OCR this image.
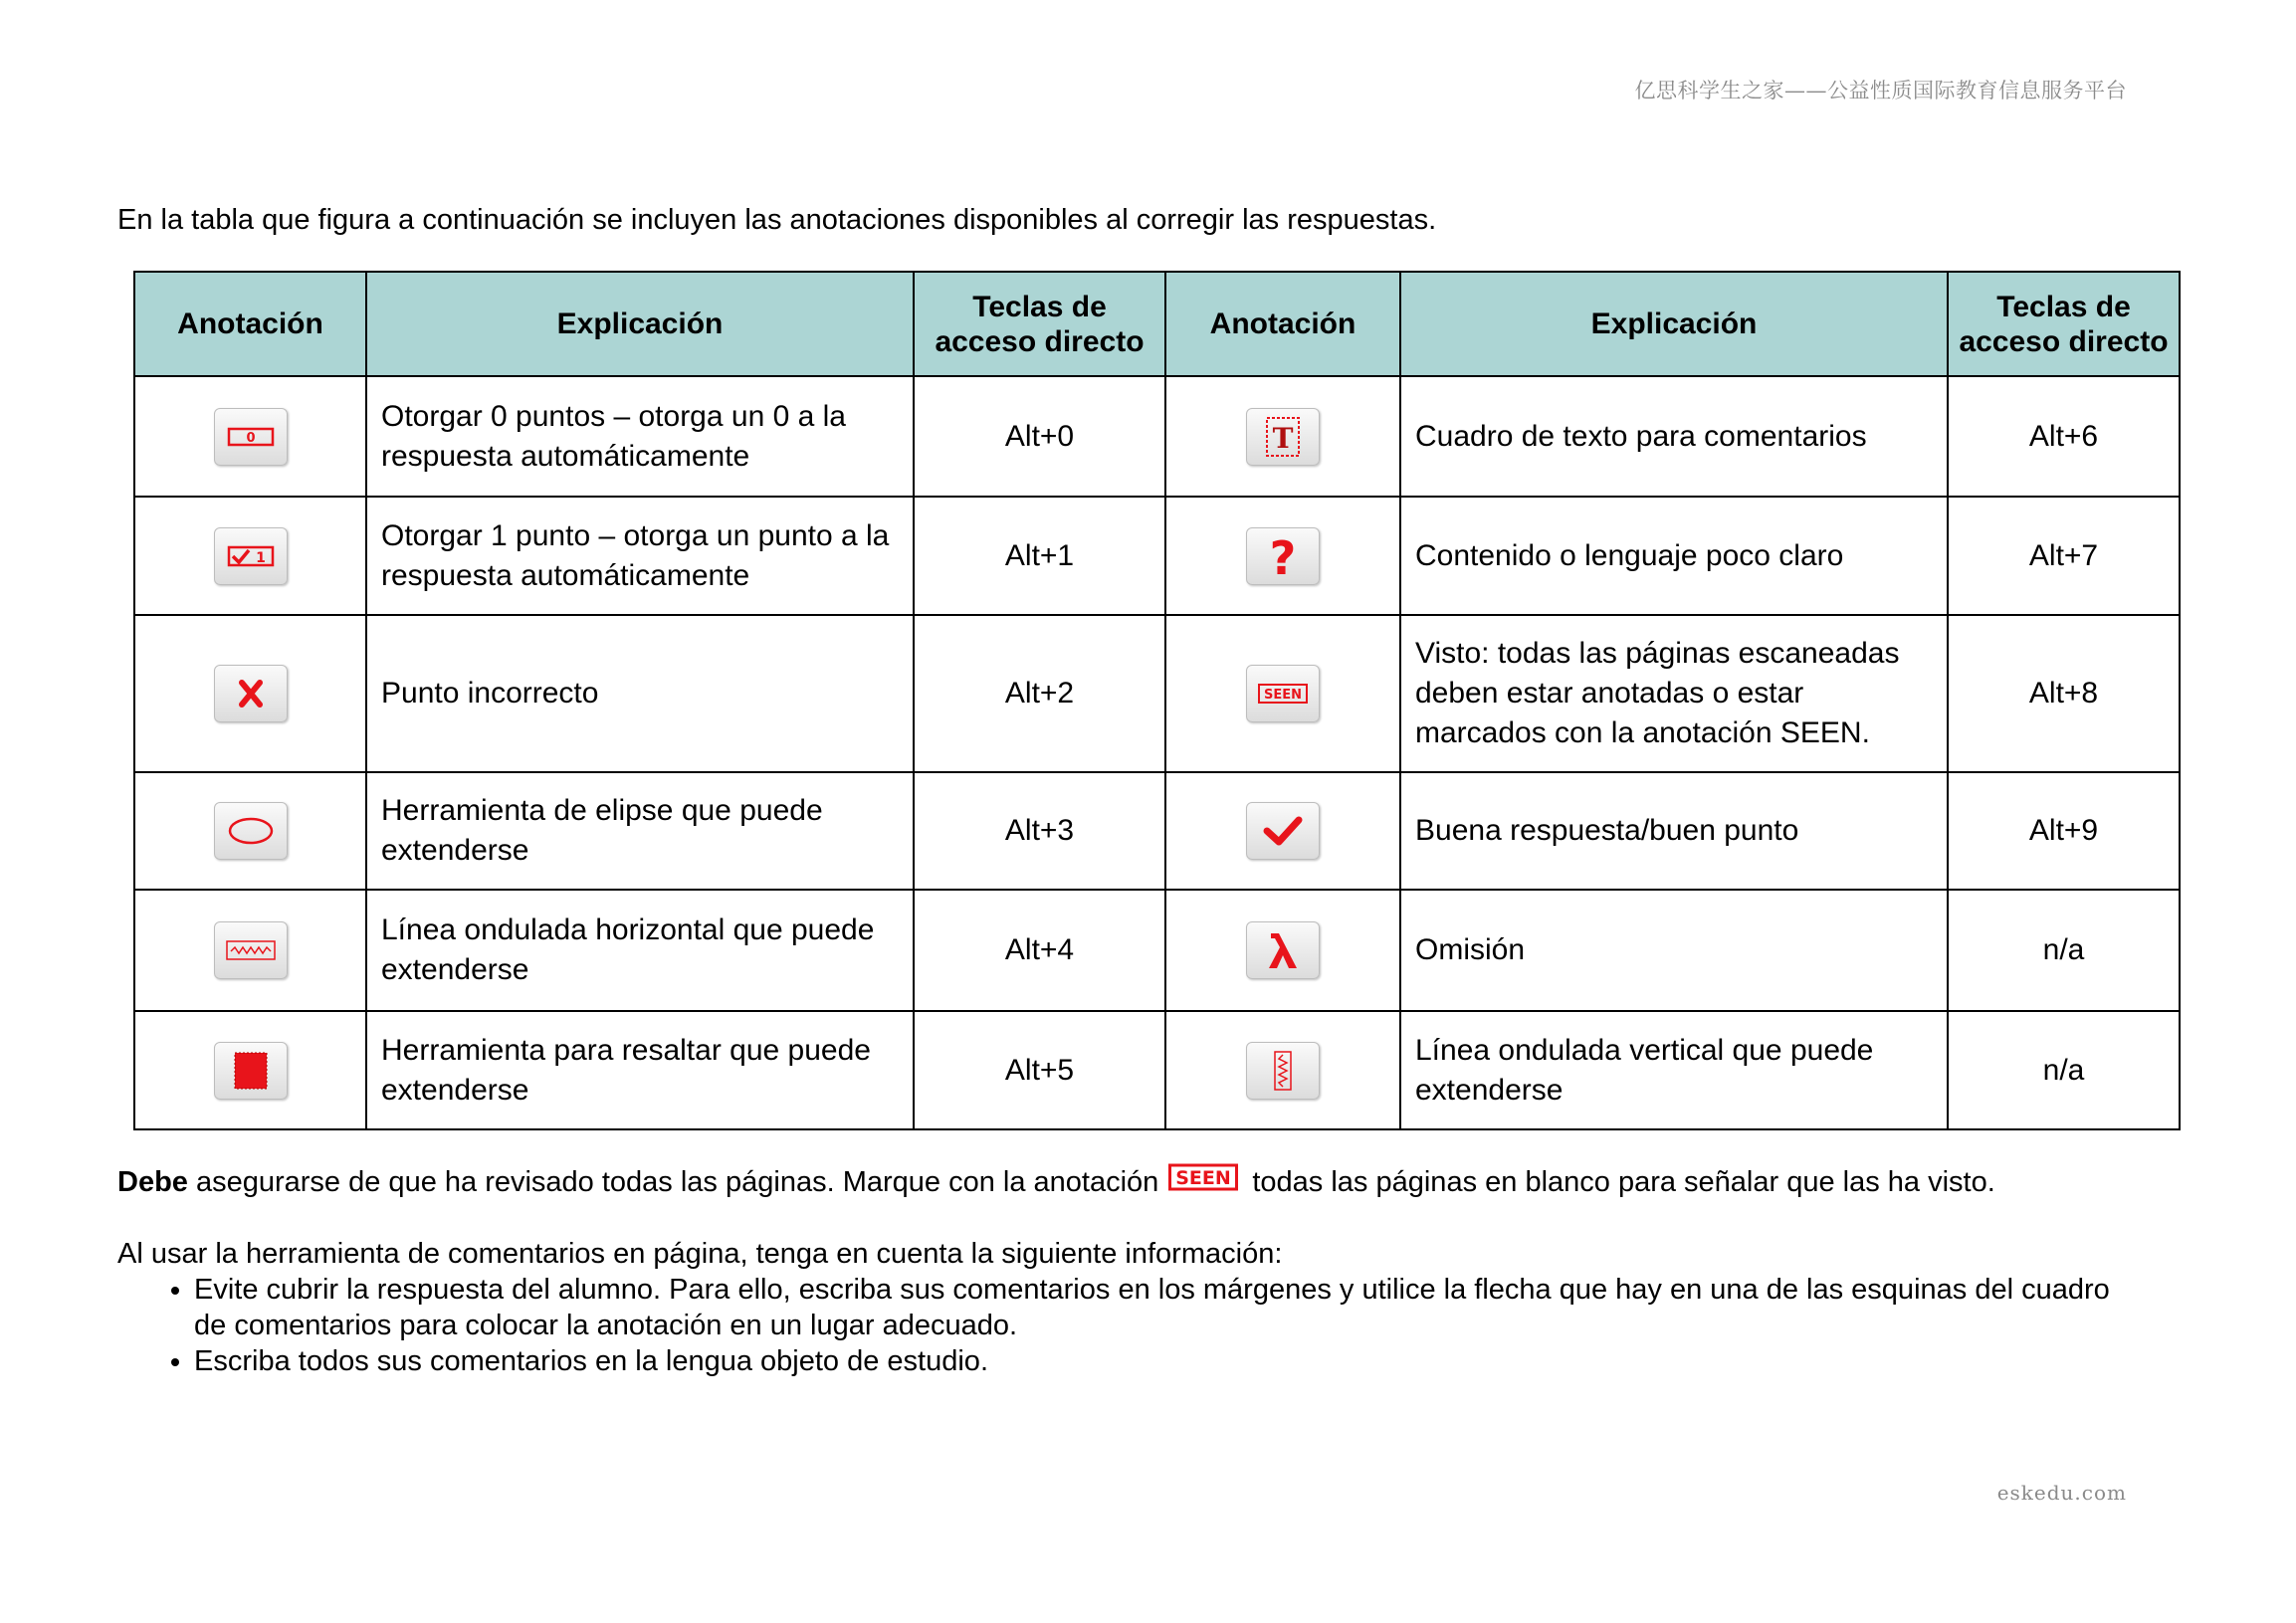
亿思科学生之家——公益性质国际教育信息服务平台
En la tabla que figura a continuación se incluyen las anotaciones disponibles al corregir las respuestas.
Anotación	Explicación	Teclas de acceso directo	Anotación	Explicación	Teclas de acceso directo

0	Otorgar 0 puntos – otorga un 0 a la respuesta automáticamente	Alt+0	T	Cuadro de texto para comentarios	Alt+6

1	Otorgar 1 punto – otorga un punto a la respuesta automáticamente	Alt+1	?	Contenido o lenguaje poco claro	Alt+7

	Punto incorrecto	Alt+2	SEEN	Visto: todas las páginas escaneadas deben estar anotadas o estar marcados con la anotación SEEN.	Alt+8

	Herramienta de elipse que puede extenderse	Alt+3		Buena respuesta/buen punto	Alt+9

	Línea ondulada horizontal que puede extenderse	Alt+4		Omisión	n/a

	Herramienta para resaltar que puede extenderse	Alt+5		Línea ondulada vertical que puede extenderse	n/a
Debe asegurarse de que ha revisado todas las páginas. Marque con la anotación SEEN todas las páginas en blanco para señalar que las ha visto.
Al usar la herramienta de comentarios en página, tenga en cuenta la siguiente información:
• Evite cubrir la respuesta del alumno. Para ello, escriba sus comentarios en los márgenes y utilice la flecha que hay en una de las esquinas del cuadro de comentarios para colocar la anotación en un lugar adecuado.
• Escriba todos sus comentarios en la lengua objeto de estudio.
eskedu.com
